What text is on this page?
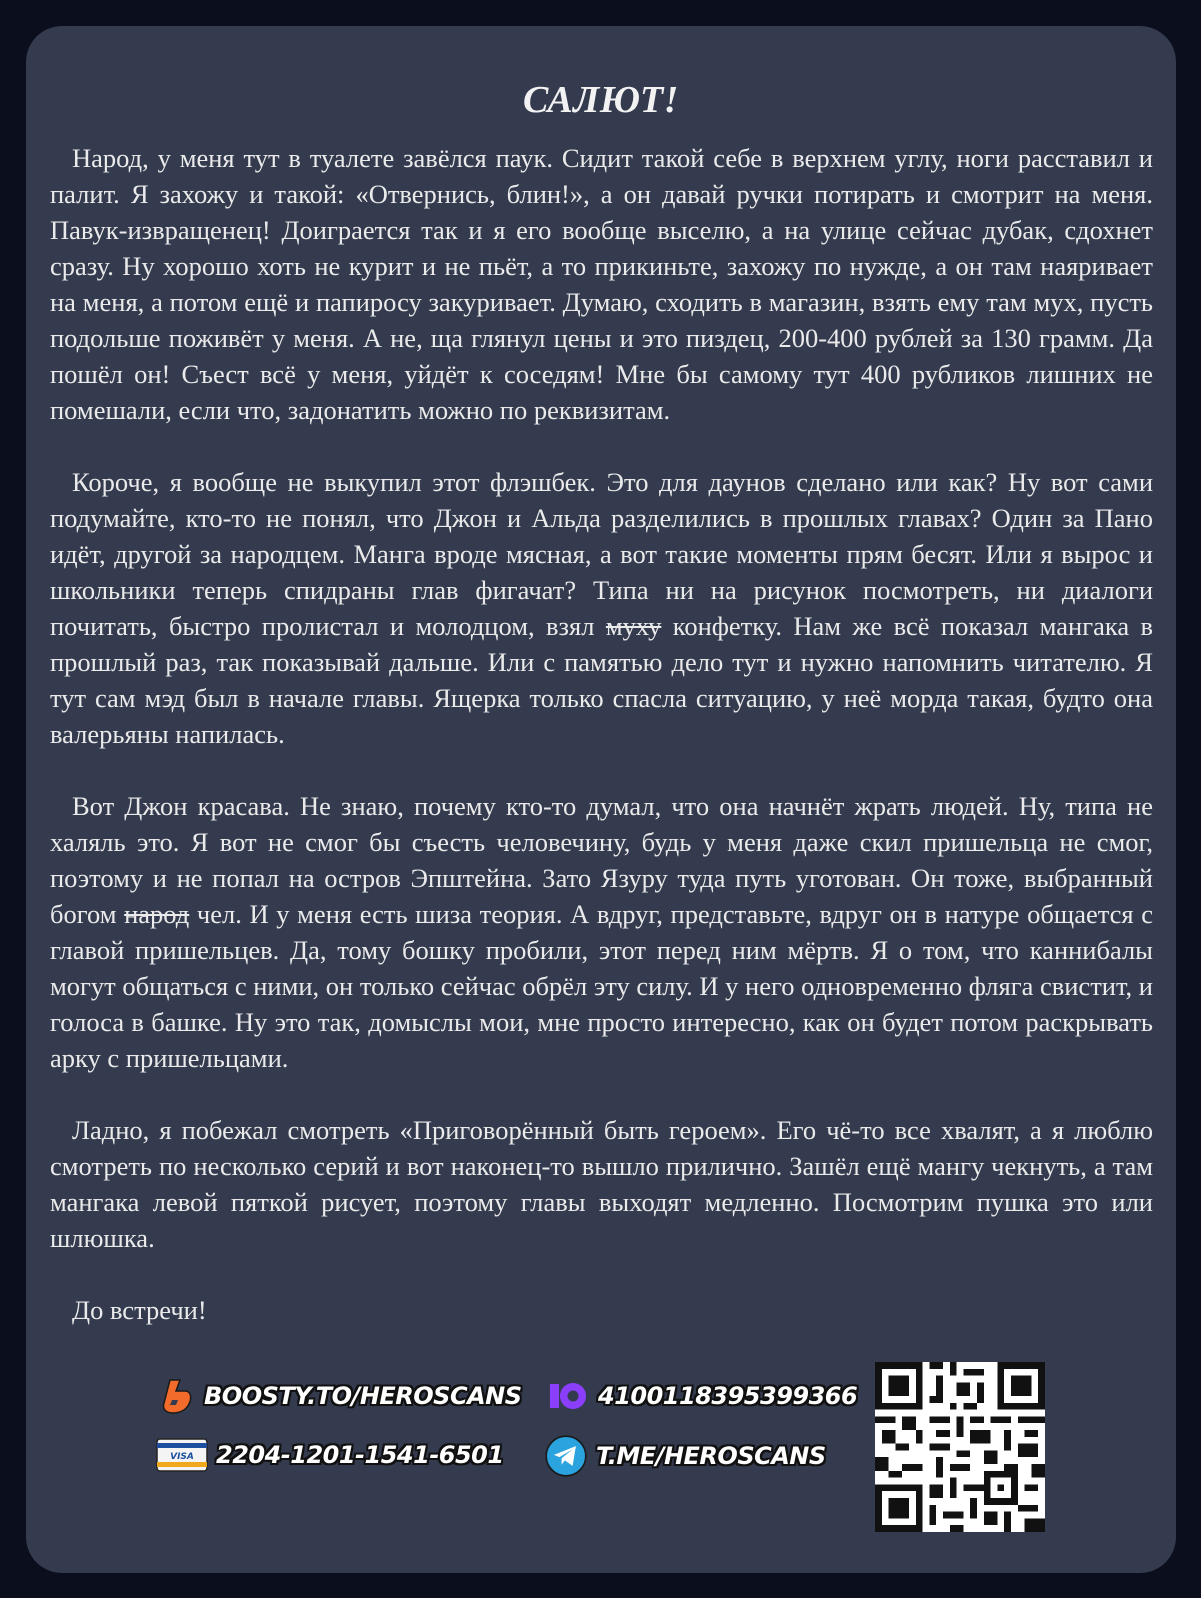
САЛЮТ!

Народ, у меня тут в туалете завёлся паук. Сидит такой себе в верхнем углу, ноги расставил и палит. Я захожу и такой: «Отвернись, блин!», а он давай ручки потирать и смотрит на меня. Павук-извращенец! Доиграется так и я его вообще выселю, а на улице сейчас дубак, сдохнет сразу. Ну хорошо хоть не курит и не пьёт, а то прикиньте, захожу по нужде, а он там наяривает на меня, а потом ещё и папиросу закуривает. Думаю, сходить в магазин, взять ему там мух, пусть подольше поживёт у меня. А не, ща глянул цены и это пиздец, 200-400 рублей за 130 грамм. Да пошёл он! Съест всё у меня, уйдёт к соседям! Мне бы самому тут 400 рубликов лишних не помешали, если что, задонатить можно по реквизитам.

Короче, я вообще не выкупил этот флэшбек. Это для даунов сделано или как? Ну вот сами подумайте, кто-то не понял, что Джон и Альда разделились в прошлых главах? Один за Пано идёт, другой за народцем. Манга вроде мясная, а вот такие моменты прям бесят. Или я вырос и школьники теперь спидраны глав фигачат? Типа ни на рисунок посмотреть, ни диалоги почитать, быстро пролистал и молодцом, взял муху конфетку. Нам же всё показал мангака в прошлый раз, так показывай дальше. Или с памятью дело тут и нужно напомнить читателю. Я тут сам мэд был в начале главы. Ящерка только спасла ситуацию, у неё морда такая, будто она валерьяны напилась.

Вот Джон красава. Не знаю, почему кто-то думал, что она начнёт жрать людей. Ну, типа не халяль это. Я вот не смог бы съесть человечину, будь у меня даже скил пришельца не смог, поэтому и не попал на остров Эпштейна. Зато Язуру туда путь уготован. Он тоже, выбранный богом народ чел. И у меня есть шиза теория. А вдруг, представьте, вдруг он в натуре общается с главой пришельцев. Да, тому бошку пробили, этот перед ним мёртв. Я о том, что каннибалы могут общаться с ними, он только сейчас обрёл эту силу. И у него одновременно фляга свистит, и голоса в башке. Ну это так, домыслы мои, мне просто интересно, как он будет потом раскрывать арку с пришельцами.

Ладно, я побежал смотреть «Приговорённый быть героем». Его чё-то все хвалят, а я люблю смотреть по несколько серий и вот наконец-то вышло прилично. Зашёл ещё мангу чекнуть, а там мангака левой пяткой рисует, поэтому главы выходят медленно. Посмотрим пушка это или шлюшка.

До встречи!

BOOSTY.TO/HEROSCANS	4100118395399366
VISA 2204-1201-1541-6501	T.ME/HEROSCANS
